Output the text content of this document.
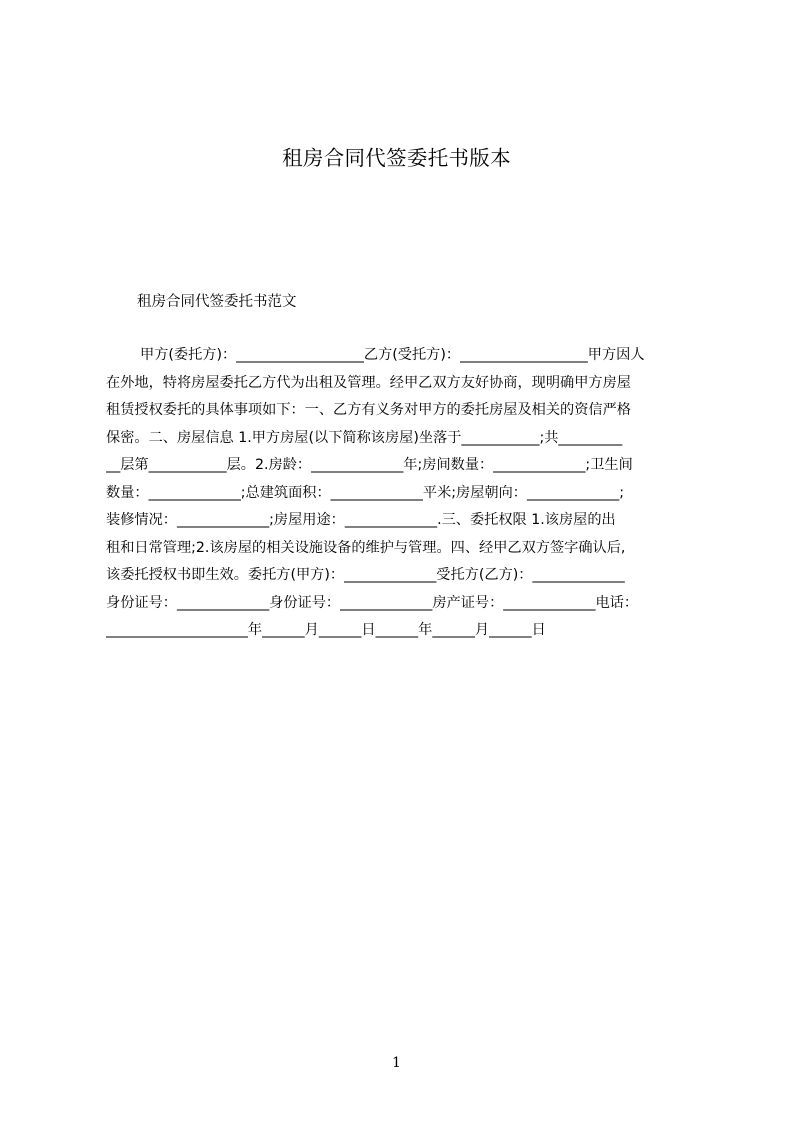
租房合同代签委托书版本
租房合同代签委托书范文
甲方(委托方)：__________________乙方(受托方)：__________________甲方因人
在外地，特将房屋委托乙方代为出租及管理。经甲乙双方友好协商，现明确甲方房屋
租赁授权委托的具体事项如下：一、乙方有义务对甲方的委托房屋及相关的资信严格
保密。二、房屋信息 1.甲方房屋(以下简称该房屋)坐落于___________;共_________
__层第___________层。2.房龄：_____________年;房间数量：_____________;卫生间
数量：_____________;总建筑面积：_____________平米;房屋朝向：_____________;
装修情况：_____________;房屋用途：_____________.三、委托权限 1.该房屋的出
租和日常管理;2.该房屋的相关设施设备的维护与管理。四、经甲乙双方签字确认后,
该委托授权书即生效。委托方(甲方)：_____________受托方(乙方)：_____________
身份证号：_____________身份证号：_____________房产证号：_____________电话：
____________________年______月______日______年______月______日
1
